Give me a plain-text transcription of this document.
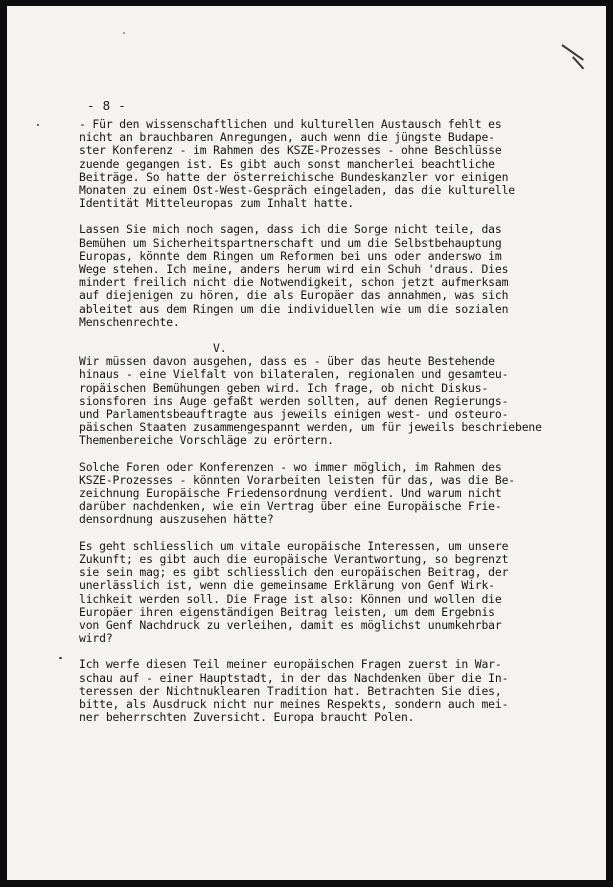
- 8 -
- Für den wissenschaftlichen und kulturellen Austausch fehlt es
nicht an brauchbaren Anregungen, auch wenn die jüngste Budape-
ster Konferenz - im Rahmen des KSZE-Prozesses - ohne Beschlüsse
zuende gegangen ist. Es gibt auch sonst mancherlei beachtliche
Beiträge. So hatte der österreichische Bundeskanzler vor einigen
Monaten zu einem Ost-West-Gespräch eingeladen, das die kulturelle
Identität Mitteleuropas zum Inhalt hatte.
Lassen Sie mich noch sagen, dass ich die Sorge nicht teile, das
Bemühen um Sicherheitspartnerschaft und um die Selbstbehauptung
Europas, könnte dem Ringen um Reformen bei uns oder anderswo im
Wege stehen. Ich meine, anders herum wird ein Schuh 'draus. Dies
mindert freilich nicht die Notwendigkeit, schon jetzt aufmerksam
auf diejenigen zu hören, die als Europäer das annahmen, was sich
ableitet aus dem Ringen um die individuellen wie um die sozialen
Menschenrechte.
V.
Wir müssen davon ausgehen, dass es - über das heute Bestehende
hinaus - eine Vielfalt von bilateralen, regionalen und gesamteu-
ropäischen Bemühungen geben wird. Ich frage, ob nicht Diskus-
sionsforen ins Auge gefaßt werden sollten, auf denen Regierungs-
und Parlamentsbeauftragte aus jeweils einigen west- und osteuro-
päischen Staaten zusammengespannt werden, um für jeweils beschriebene
Themenbereiche Vorschläge zu erörtern.
Solche Foren oder Konferenzen - wo immer möglich, im Rahmen des
KSZE-Prozesses - könnten Vorarbeiten leisten für das, was die Be-
zeichnung Europäische Friedensordnung verdient. Und warum nicht
darüber nachdenken, wie ein Vertrag über eine Europäische Frie-
densordnung auszusehen hätte?
Es geht schliesslich um vitale europäische Interessen, um unsere
Zukunft; es gibt auch die europäische Verantwortung, so begrenzt
sie sein mag; es gibt schliesslich den europäischen Beitrag, der
unerlässlich ist, wenn die gemeinsame Erklärung von Genf Wirk-
lichkeit werden soll. Die Frage ist also: Können und wollen die
Europäer ihren eigenständigen Beitrag leisten, um dem Ergebnis
von Genf Nachdruck zu verleihen, damit es möglichst unumkehrbar
wird?
Ich werfe diesen Teil meiner europäischen Fragen zuerst in War-
schau auf - einer Hauptstadt, in der das Nachdenken über die In-
teressen der Nichtnuklearen Tradition hat. Betrachten Sie dies,
bitte, als Ausdruck nicht nur meines Respekts, sondern auch mei-
ner beherrschten Zuversicht. Europa braucht Polen.
